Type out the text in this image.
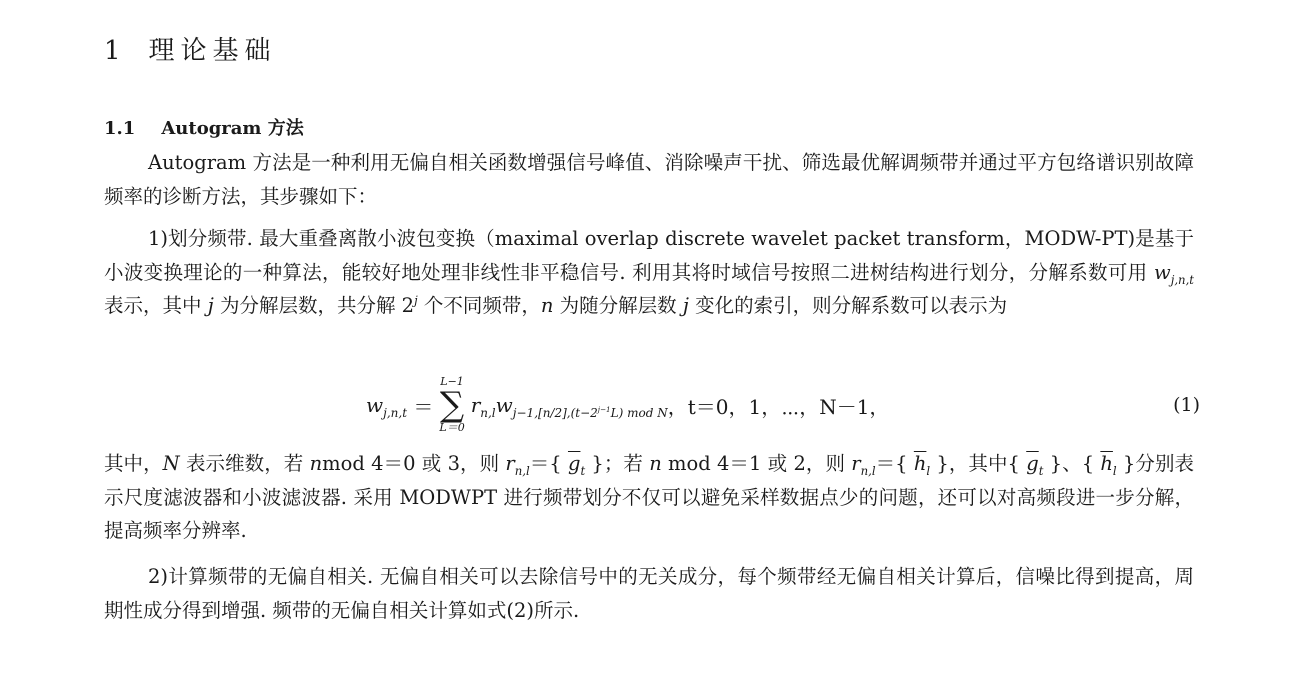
1 理论基础
1.1 Autogram 方法
Autogram 方法是一种利用无偏自相关函数增强信号峰值、消除噪声干扰、筛选最优解调频带并通过平方包络谱识别故障频率的诊断方法，其步骤如下：
1)划分频带. 最大重叠离散小波包变换（maximal overlap discrete wavelet packet transform，MODW-PT)是基于小波变换理论的一种算法，能较好地处理非线性非平稳信号. 利用其将时域信号按照二进树结构进行划分，分解系数可用 $w_{j,n,t}$ 表示，其中 j 为分解层数，共分解 2$^j$ 个不同频带，n 为随分解层数 j 变化的索引，则分解系数可以表示为
$w_{j,n,t}$ ＝
L−1
∑
L＝0
$r_{n,l}w_{j-1,[n/2],(t-2^{j-1}L) mod N}$ ，t＝0，1，⋯，N－1，	(1)
其中，N 表示维数，若 nmod 4＝0 或 3，则 $r_{n,l}=${ $\overline{g}_t$ }；若 n mod 4＝1 或 2，则 $r_{n,l}=${ $\overline{h}_l$ }，其中{ $\overline{g}_t$ }、{ $\overline{h}_l$ }分别表示尺度滤波器和小波滤波器. 采用 MODWPT 进行频带划分不仅可以避免采样数据点少的问题，还可以对高频段进一步分解，提高频率分辨率.
2)计算频带的无偏自相关. 无偏自相关可以去除信号中的无关成分，每个频带经无偏自相关计算后，信噪比得到提高，周期性成分得到增强. 频带的无偏自相关计算如式(2)所示.
